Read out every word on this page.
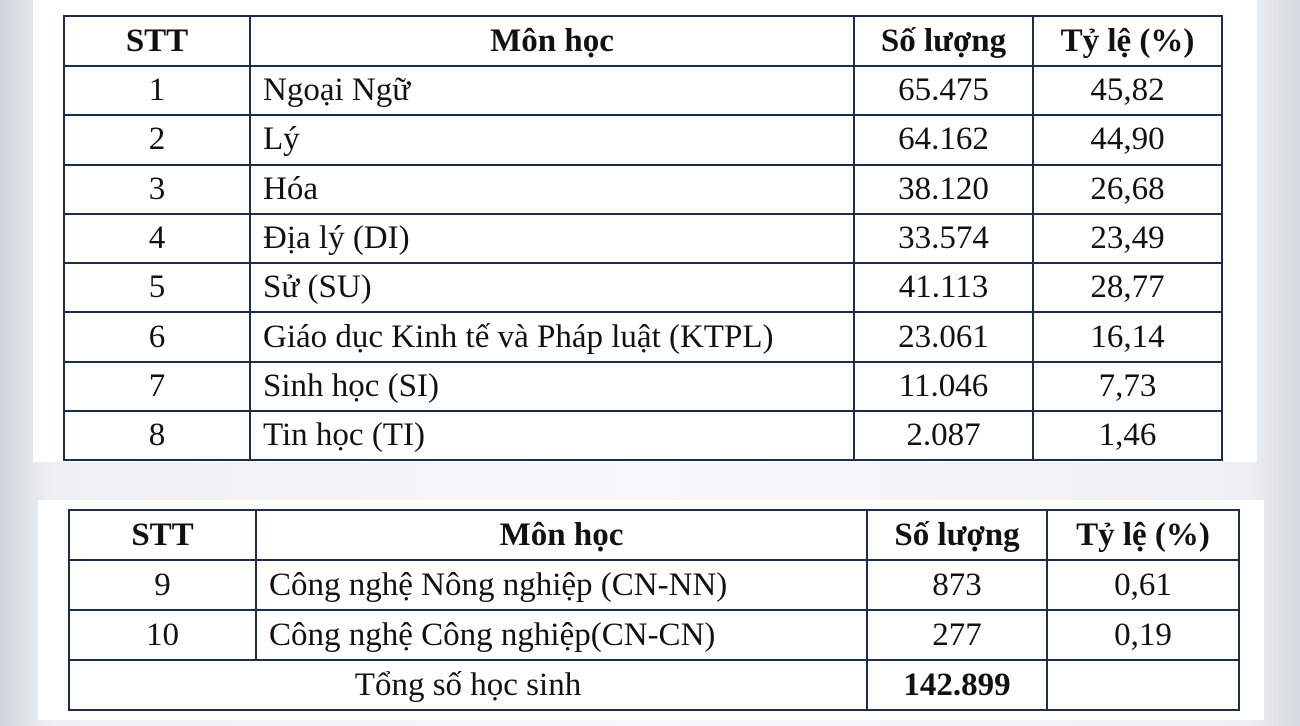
STT	Môn học	Số lượng	Tỷ lệ (%)
1	Ngoại Ngữ	65.475	45,82
2	Lý	64.162	44,90
3	Hóa	38.120	26,68
4	Địa lý (DI)	33.574	23,49
5	Sử (SU)	41.113	28,77
6	Giáo dục Kinh tế và Pháp luật (KTPL)	23.061	16,14
7	Sinh học (SI)	11.046	7,73
8	Tin học (TI)	2.087	1,46
STT	Môn học	Số lượng	Tỷ lệ (%)
9	Công nghệ Nông nghiệp (CN-NN)	873	0,61
10	Công nghệ Công nghiệp(CN-CN)	277	0,19
Tổng số học sinh		142.899	
